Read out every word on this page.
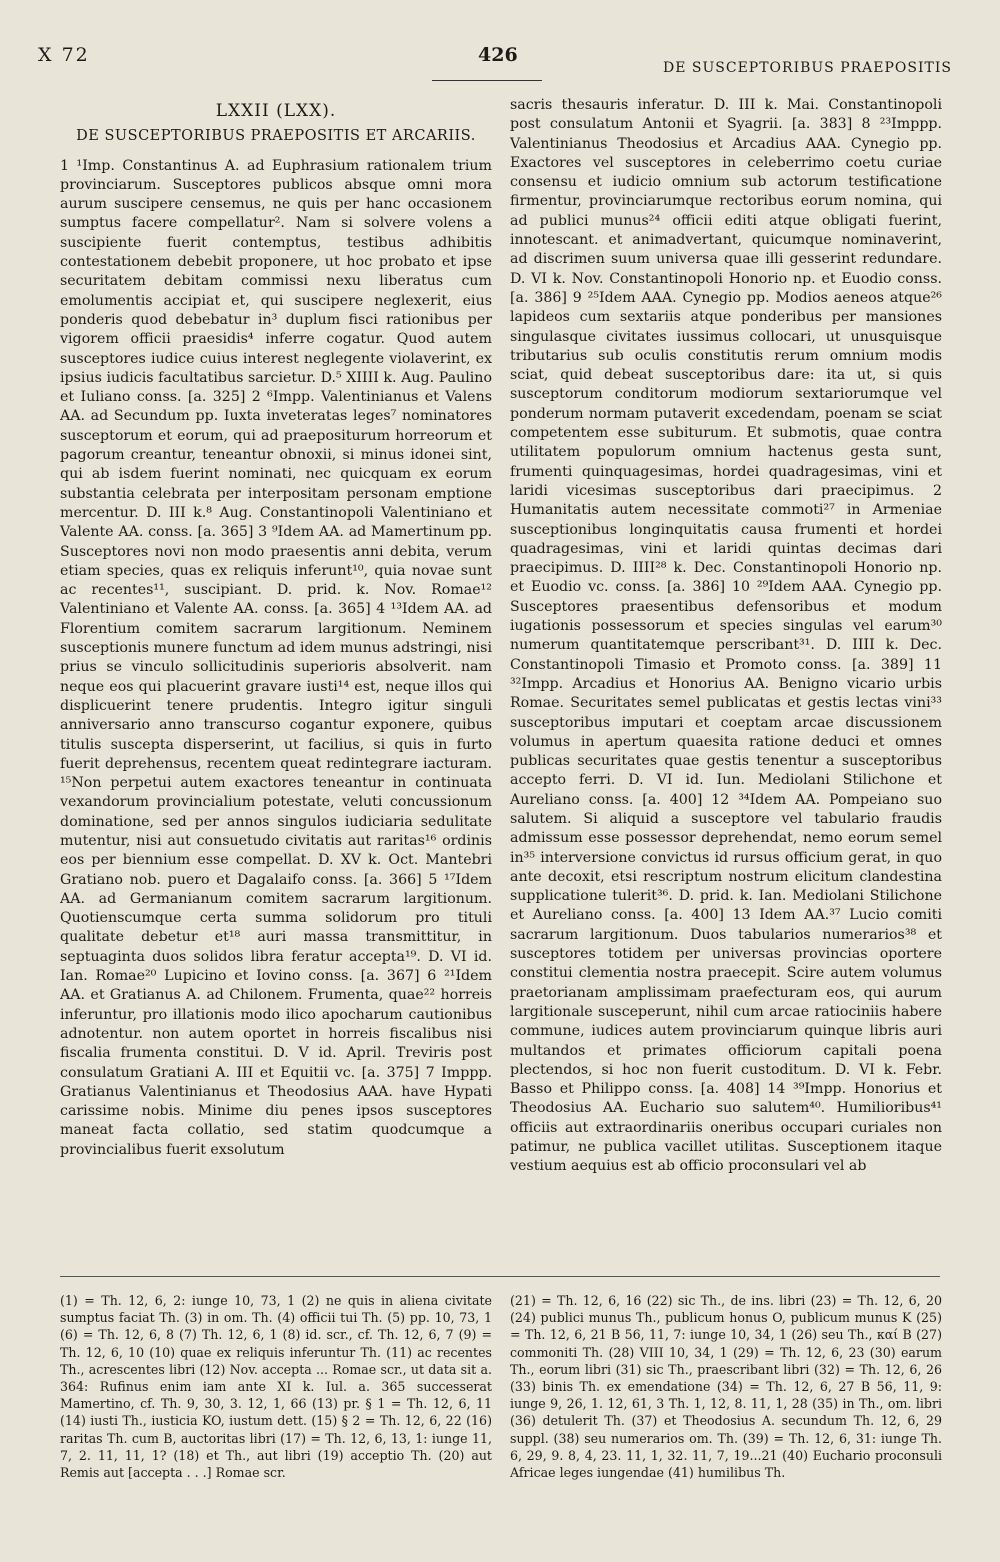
X 72	426
DE SUSCEPTORIBUS PRAEPOSITIS
LXXII (LXX).
DE SUSCEPTORIBUS PRAEPOSITIS ET ARCARIIS.

1 ¹Imp. Constantinus A. ad Euphrasium rationalem trium provinciarum. Susceptores publicos absque omni mora aurum suscipere censemus, ne quis per hanc occasionem sumptus facere compellatur². Nam si solvere volens a suscipiente fuerit contemptus, testibus adhibitis contestationem debebit proponere, ut hoc probato et ipse securitatem debitam commissi nexu liberatus cum emolumentis accipiat et, qui suscipere neglexerit, eius ponderis quod debebatur in³ duplum fisci rationibus per vigorem officii praesidis⁴ inferre cogatur. Quod autem susceptores iudice cuius interest neglegente violaverint, ex ipsius iudicis facultatibus sarcietur. D.⁵ XIIII k. Aug. Paulino et Iuliano conss. [a. 325] 2 ⁶Impp. Valentinianus et Valens AA. ad Secundum pp. Iuxta inveteratas leges⁷ nominatores susceptorum et eorum, qui ad praepositurum horreorum et pagorum creantur, teneantur obnoxii, si minus idonei sint, qui ab isdem fuerint nominati, nec quicquam ex eorum substantia celebrata per interpositam personam emptione mercentur. D. III k.⁸ Aug. Constantinopoli Valentiniano et Valente AA. conss. [a. 365] 3 ⁹Idem AA. ad Mamertinum pp. Susceptores novi non modo praesentis anni debita, verum etiam species, quas ex reliquis inferunt¹⁰, quia novae sunt ac recentes¹¹, suscipiant. D. prid. k. Nov. Romae¹² Valentiniano et Valente AA. conss. [a. 365] 4 ¹³Idem AA. ad Florentium comitem sacrarum largitionum. Neminem susceptionis munere functum ad idem munus adstringi, nisi prius se vinculo sollicitudinis superioris absolverit. nam neque eos qui placuerint gravare iusti¹⁴ est, neque illos qui displicuerint tenere prudentis. Integro igitur singuli anniversario anno transcurso cogantur exponere, quibus titulis suscepta disperserint, ut facilius, si quis in furto fuerit deprehensus, recentem queat redintegrare iacturam. ¹⁵Non perpetui autem exactores teneantur in continuata vexandorum provincialium potestate, veluti concussionum dominatione, sed per annos singulos iudiciaria sedulitate mutentur, nisi aut consuetudo civitatis aut raritas¹⁶ ordinis eos per biennium esse compellat. D. XV k. Oct. Mantebri Gratiano nob. puero et Dagalaifo conss. [a. 366] 5 ¹⁷Idem AA. ad Germanianum comitem sacrarum largitionum. Quotienscumque certa summa solidorum pro tituli qualitate debetur et¹⁸ auri massa transmittitur, in septuaginta duos solidos libra feratur accepta¹⁹. D. VI id. Ian. Romae²⁰ Lupicino et Iovino conss. [a. 367] 6 ²¹Idem AA. et Gratianus A. ad Chilonem. Frumenta, quae²² horreis inferuntur, pro illationis modo ilico apocharum cautionibus adnotentur. non autem oportet in horreis fiscalibus nisi fiscalia frumenta constitui. D. V id. April. Treviris post consulatum Gratiani A. III et Equitii vc. [a. 375] 7 Imppp. Gratianus Valentinianus et Theodosius AAA. have Hypati carissime nobis. Minime diu penes ipsos susceptores maneat facta collatio, sed statim quodcumque a provincialibus fuerit exsolutum

sacris thesauris inferatur. D. III k. Mai. Constantinopoli post consulatum Antonii et Syagrii. [a. 383] 8 ²³Imppp. Valentinianus Theodosius et Arcadius AAA. Cynegio pp. Exactores vel susceptores in celeberrimo coetu curiae consensu et iudicio omnium sub actorum testificatione firmentur, provinciarumque rectoribus eorum nomina, qui ad publici munus²⁴ officii editi atque obligati fuerint, innotescant. et animadvertant, quicumque nominaverint, ad discrimen suum universa quae illi gesserint redundare. D. VI k. Nov. Constantinopoli Honorio np. et Euodio conss. [a. 386] 9 ²⁵Idem AAA. Cynegio pp. Modios aeneos atque²⁶ lapideos cum sextariis atque ponderibus per mansiones singulasque civitates iussimus collocari, ut unusquisque tributarius sub oculis constitutis rerum omnium modis sciat, quid debeat susceptoribus dare: ita ut, si quis susceptorum conditorum modiorum sextariorumque vel ponderum normam putaverit excedendam, poenam se sciat competentem esse subiturum. Et submotis, quae contra utilitatem populorum omnium hactenus gesta sunt, frumenti quinquagesimas, hordei quadragesimas, vini et laridi vicesimas susceptoribus dari praecipimus. 2 Humanitatis autem necessitate commoti²⁷ in Armeniae susceptionibus longinquitatis causa frumenti et hordei quadragesimas, vini et laridi quintas decimas dari praecipimus. D. IIII²⁸ k. Dec. Constantinopoli Honorio np. et Euodio vc. conss. [a. 386] 10 ²⁹Idem AAA. Cynegio pp. Susceptores praesentibus defensoribus et modum iugationis possessorum et species singulas vel earum³⁰ numerum quantitatemque perscribant³¹. D. IIII k. Dec. Constantinopoli Timasio et Promoto conss. [a. 389] 11 ³²Impp. Arcadius et Honorius AA. Benigno vicario urbis Romae. Securitates semel publicatas et gestis lectas vini³³ susceptoribus imputari et coeptam arcae discussionem volumus in apertum quaesita ratione deduci et omnes publicas securitates quae gestis tenentur a susceptoribus accepto ferri. D. VI id. Iun. Mediolani Stilichone et Aureliano conss. [a. 400] 12 ³⁴Idem AA. Pompeiano suo salutem. Si aliquid a susceptore vel tabulario fraudis admissum esse possessor deprehendat, nemo eorum semel in³⁵ interversione convictus id rursus officium gerat, in quo ante decoxit, etsi rescriptum nostrum elicitum clandestina supplicatione tulerit³⁶. D. prid. k. Ian. Mediolani Stilichone et Aureliano conss. [a. 400] 13 Idem AA.³⁷ Lucio comiti sacrarum largitionum. Duos tabularios numerarios³⁸ et susceptores totidem per universas provincias oportere constitui clementia nostra praecepit. Scire autem volumus praetorianam amplissimam praefecturam eos, qui aurum largitionale susceperunt, nihil cum arcae ratiociniis habere commune, iudices autem provinciarum quinque libris auri multandos et primates officiorum capitali poena plectendos, si hoc non fuerit custoditum. D. VI k. Febr. Basso et Philippo conss. [a. 408] 14 ³⁹Impp. Honorius et Theodosius AA. Euchario suo salutem⁴⁰. Humilioribus⁴¹ officiis aut extraordinariis oneribus occupari curiales non patimur, ne publica vacillet utilitas. Susceptionem itaque vestium aequius est ab officio proconsulari vel ab

(1) = Th. 12, 6, 2: iunge 10, 73, 1 (2) ne quis in aliena civitate sumptus faciat Th. (3) in om. Th. (4) officii tui Th. (5) pp. 10, 73, 1 (6) = Th. 12, 6, 8 (7) Th. 12, 6, 1 (8) id. scr., cf. Th. 12, 6, 7 (9) = Th. 12, 6, 10 (10) quae ex reliquis inferuntur Th. (11) ac recentes Th., acrescentes libri (12) Nov. accepta ... Romae scr., ut data sit a. 364: Rufinus enim iam ante XI k. Iul. a. 365 successerat Mamertino, cf. Th. 9, 30, 3. 12, 1, 66 (13) pr. § 1 = Th. 12, 6, 11 (14) iusti Th., iusticia KO, iustum dett. (15) § 2 = Th. 12, 6, 22 (16) raritas Th. cum B, auctoritas libri (17) = Th. 12, 6, 13, 1: iunge 11, 7, 2. 11, 11, 1? (18) et Th., aut libri (19) acceptio Th. (20) aut Remis aut [accepta . . .] Romae scr.
(21) = Th. 12, 6, 16 (22) sic Th., de ins. libri (23) = Th. 12, 6, 20 (24) publici munus Th., publicum honus O, publicum munus K (25) = Th. 12, 6, 21 B 56, 11, 7: iunge 10, 34, 1 (26) seu Th., καί B (27) commoniti Th. (28) VIII 10, 34, 1 (29) = Th. 12, 6, 23 (30) earum Th., eorum libri (31) sic Th., praescribant libri (32) = Th. 12, 6, 26 (33) binis Th. ex emendatione (34) = Th. 12, 6, 27 B 56, 11, 9: iunge 9, 26, 1. 12, 61, 3 Th. 1, 12, 8. 11, 1, 28 (35) in Th., om. libri (36) detulerit Th. (37) et Theodosius A. secundum Th. 12, 6, 29 suppl. (38) seu numerarios om. Th. (39) = Th. 12, 6, 31: iunge Th. 6, 29, 9. 8, 4, 23. 11, 1, 32. 11, 7, 19...21 (40) Euchario proconsuli Africae leges iungendae (41) humilibus Th.
